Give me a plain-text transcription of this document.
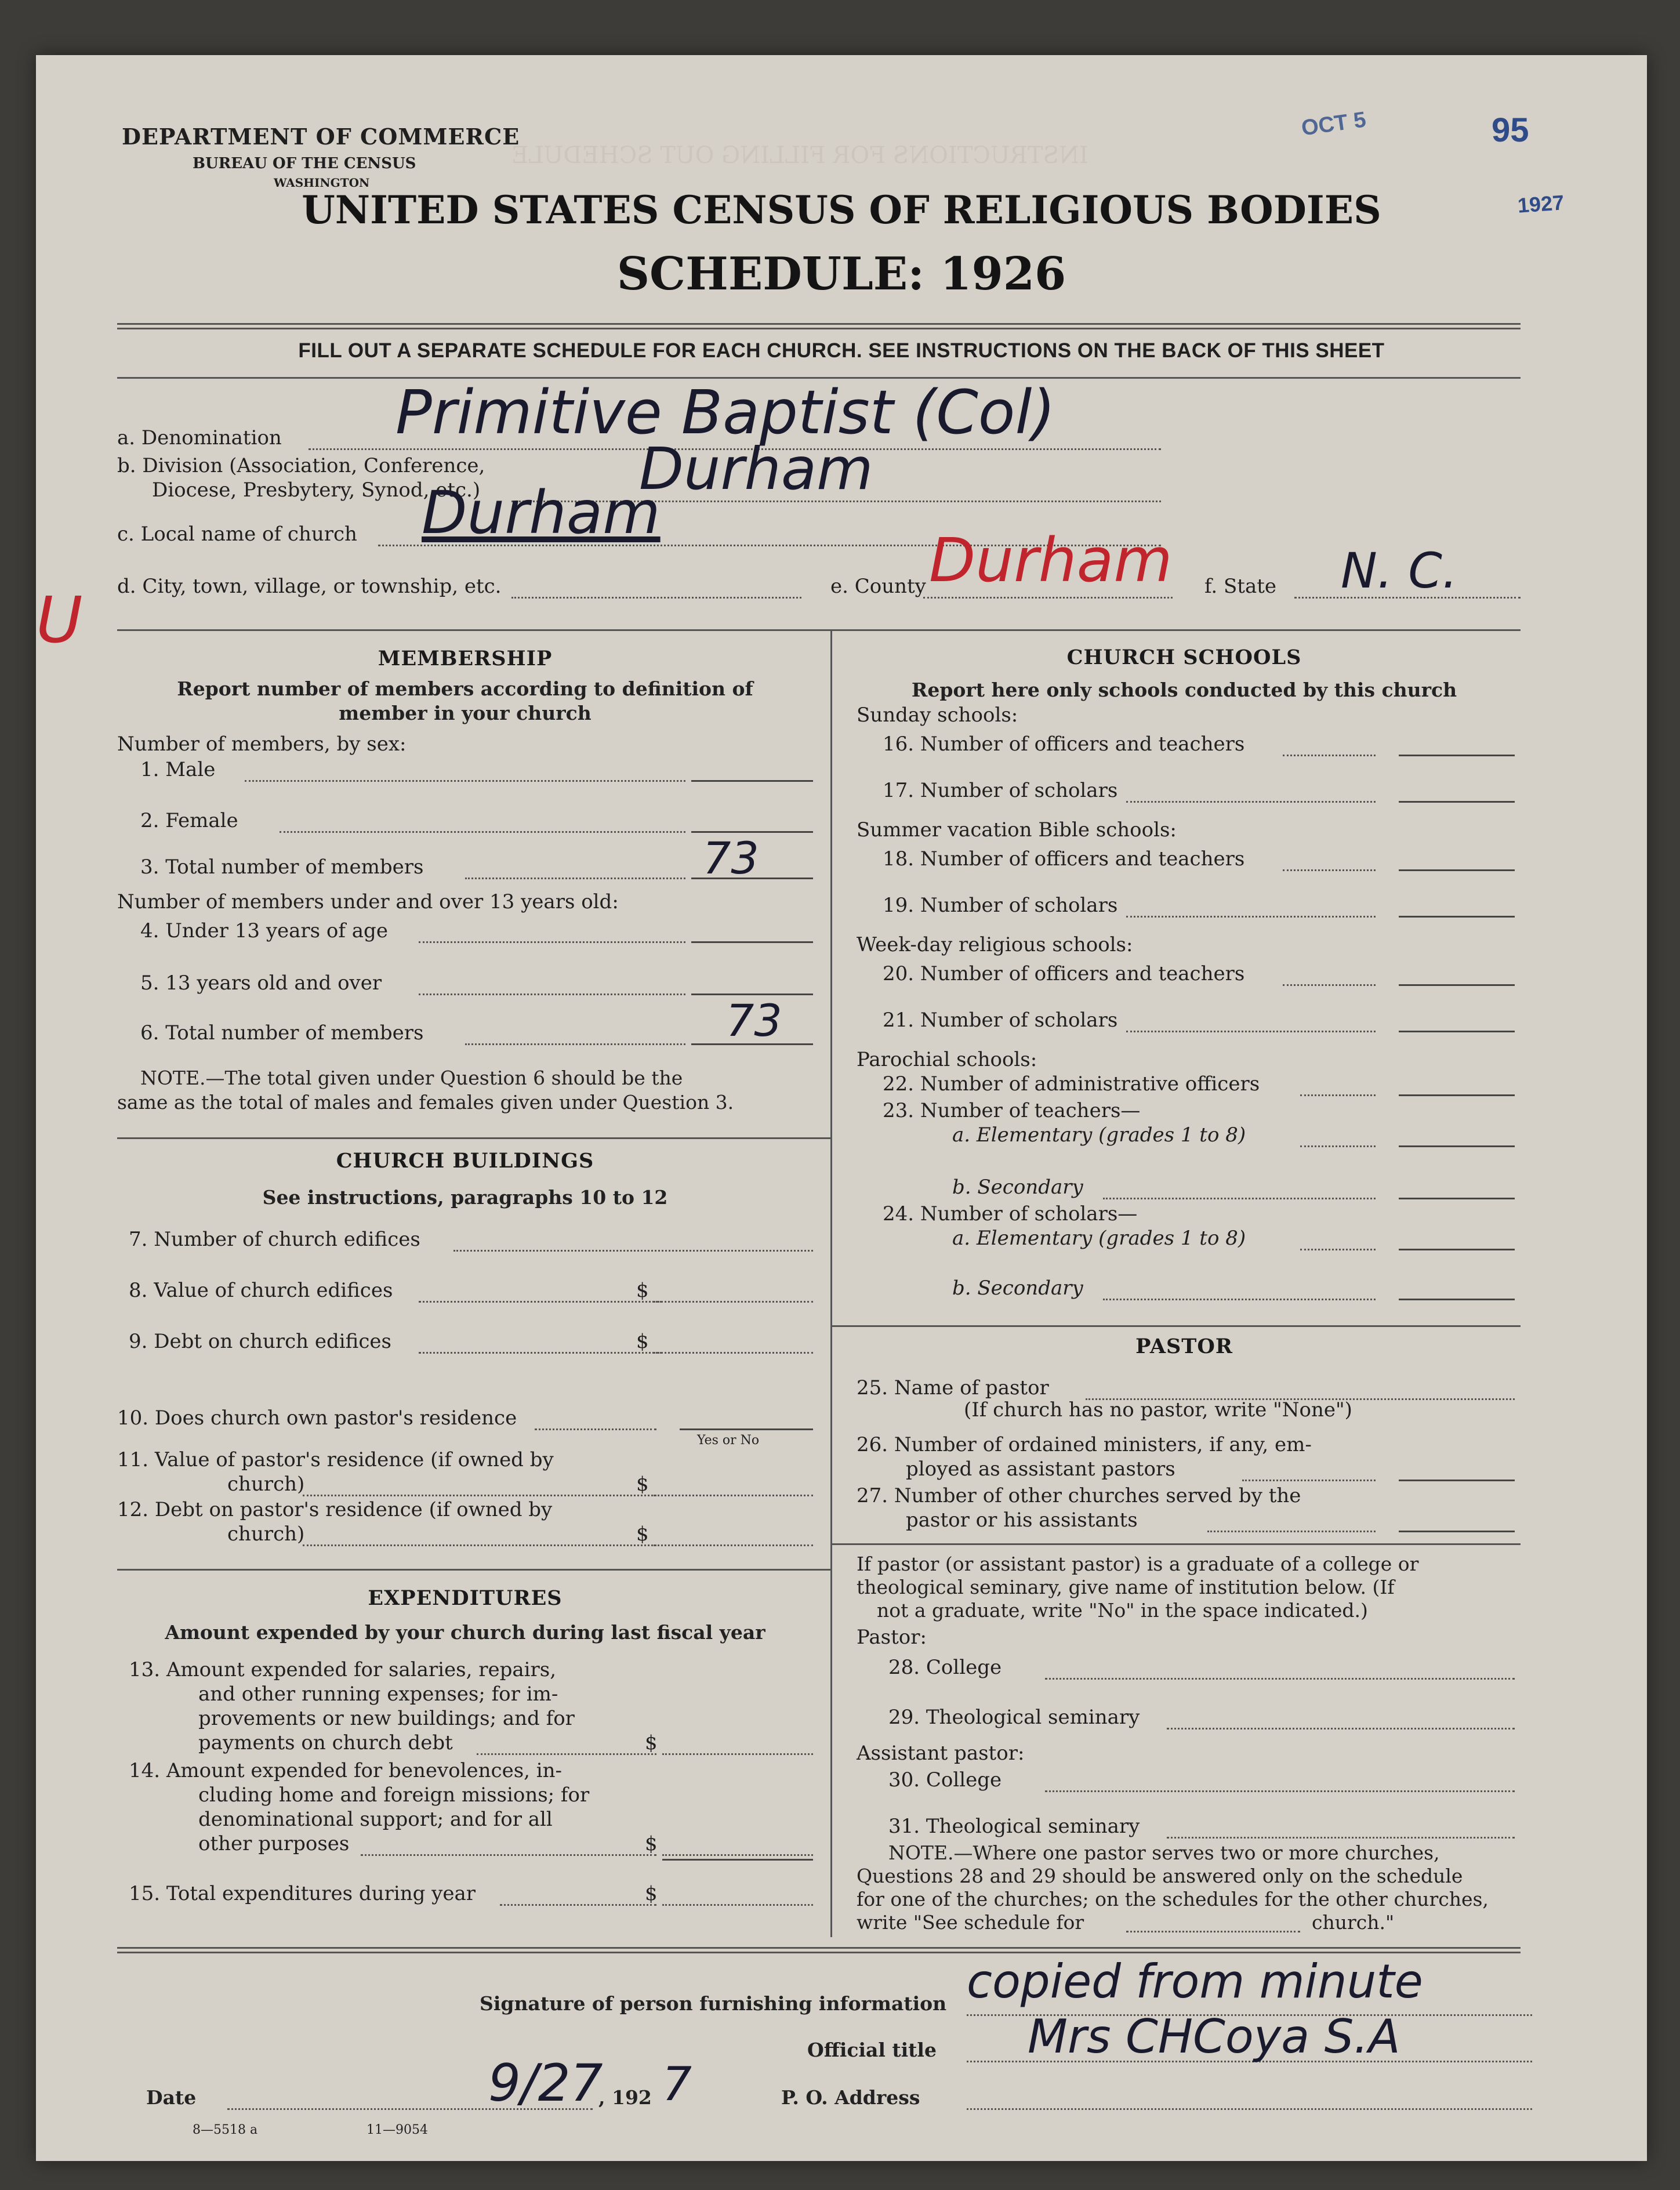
INSTRUCTIONS FOR FILLING OUT SCHEDULE
DEPARTMENT OF COMMERCE
BUREAU OF THE CENSUS
WASHINGTON
OCT 5	95
1927
UNITED STATES CENSUS OF RELIGIOUS BODIES
SCHEDULE: 1926
FILL OUT A SEPARATE SCHEDULE FOR EACH CHURCH. SEE INSTRUCTIONS ON THE BACK OF THIS SHEET
a. Denomination Primitive Baptist (Col)
b. Division (Association, Conference,
Diocese, Presbytery, Synod, etc.)	Durham
c. Local name of church Durham
U d. City, town, village, or township, etc.	e. County Durham f. State N. C.
MEMBERSHIP
Report number of members according to definition of
member in your church
Number of members, by sex:
1. Male
2. Female
3. Total number of members	73
Number of members under and over 13 years old:
4. Under 13 years of age
5. 13 years old and over
6. Total number of members	73
NOTE.—The total given under Question 6 should be the
same as the total of males and females given under Question 3.
CHURCH BUILDINGS
See instructions, paragraphs 10 to 12
7. Number of church edifices
8. Value of church edifices	$
9. Debt on church edifices	$
10. Does church own pastor's residence
Yes or No
11. Value of pastor's residence (if owned by
church)	$
12. Debt on pastor's residence (if owned by
church)	$
EXPENDITURES
Amount expended by your church during last fiscal year
13. Amount expended for salaries, repairs,
and other running expenses; for im-
provements or new buildings; and for
payments on church debt	$
14. Amount expended for benevolences, in-
cluding home and foreign missions; for
denominational support; and for all
other purposes	$
15. Total expenditures during year	$
CHURCH SCHOOLS
Report here only schools conducted by this church
Sunday schools:
16. Number of officers and teachers
17. Number of scholars
Summer vacation Bible schools:
18. Number of officers and teachers
19. Number of scholars
Week-day religious schools:
20. Number of officers and teachers
21. Number of scholars
Parochial schools:
22. Number of administrative officers
23. Number of teachers—
a. Elementary (grades 1 to 8)
b. Secondary
24. Number of scholars—
a. Elementary (grades 1 to 8)
b. Secondary
PASTOR
25. Name of pastor
(If church has no pastor, write "None")
26. Number of ordained ministers, if any, em-
ployed as assistant pastors
27. Number of other churches served by the
pastor or his assistants
If pastor (or assistant pastor) is a graduate of a college or
theological seminary, give name of institution below. (If
not a graduate, write "No" in the space indicated.)
Pastor:
28. College
29. Theological seminary
Assistant pastor:
30. College
31. Theological seminary
NOTE.—Where one pastor serves two or more churches,
Questions 28 and 29 should be answered only on the schedule
for one of the churches; on the schedules for the other churches,
write "See schedule for	church."
Signature of person furnishing information copied from minute
Official title Mrs CHCoya S.A
Date	9/27
, 192 7	P. O. Address
8—5518 a	11—9054
